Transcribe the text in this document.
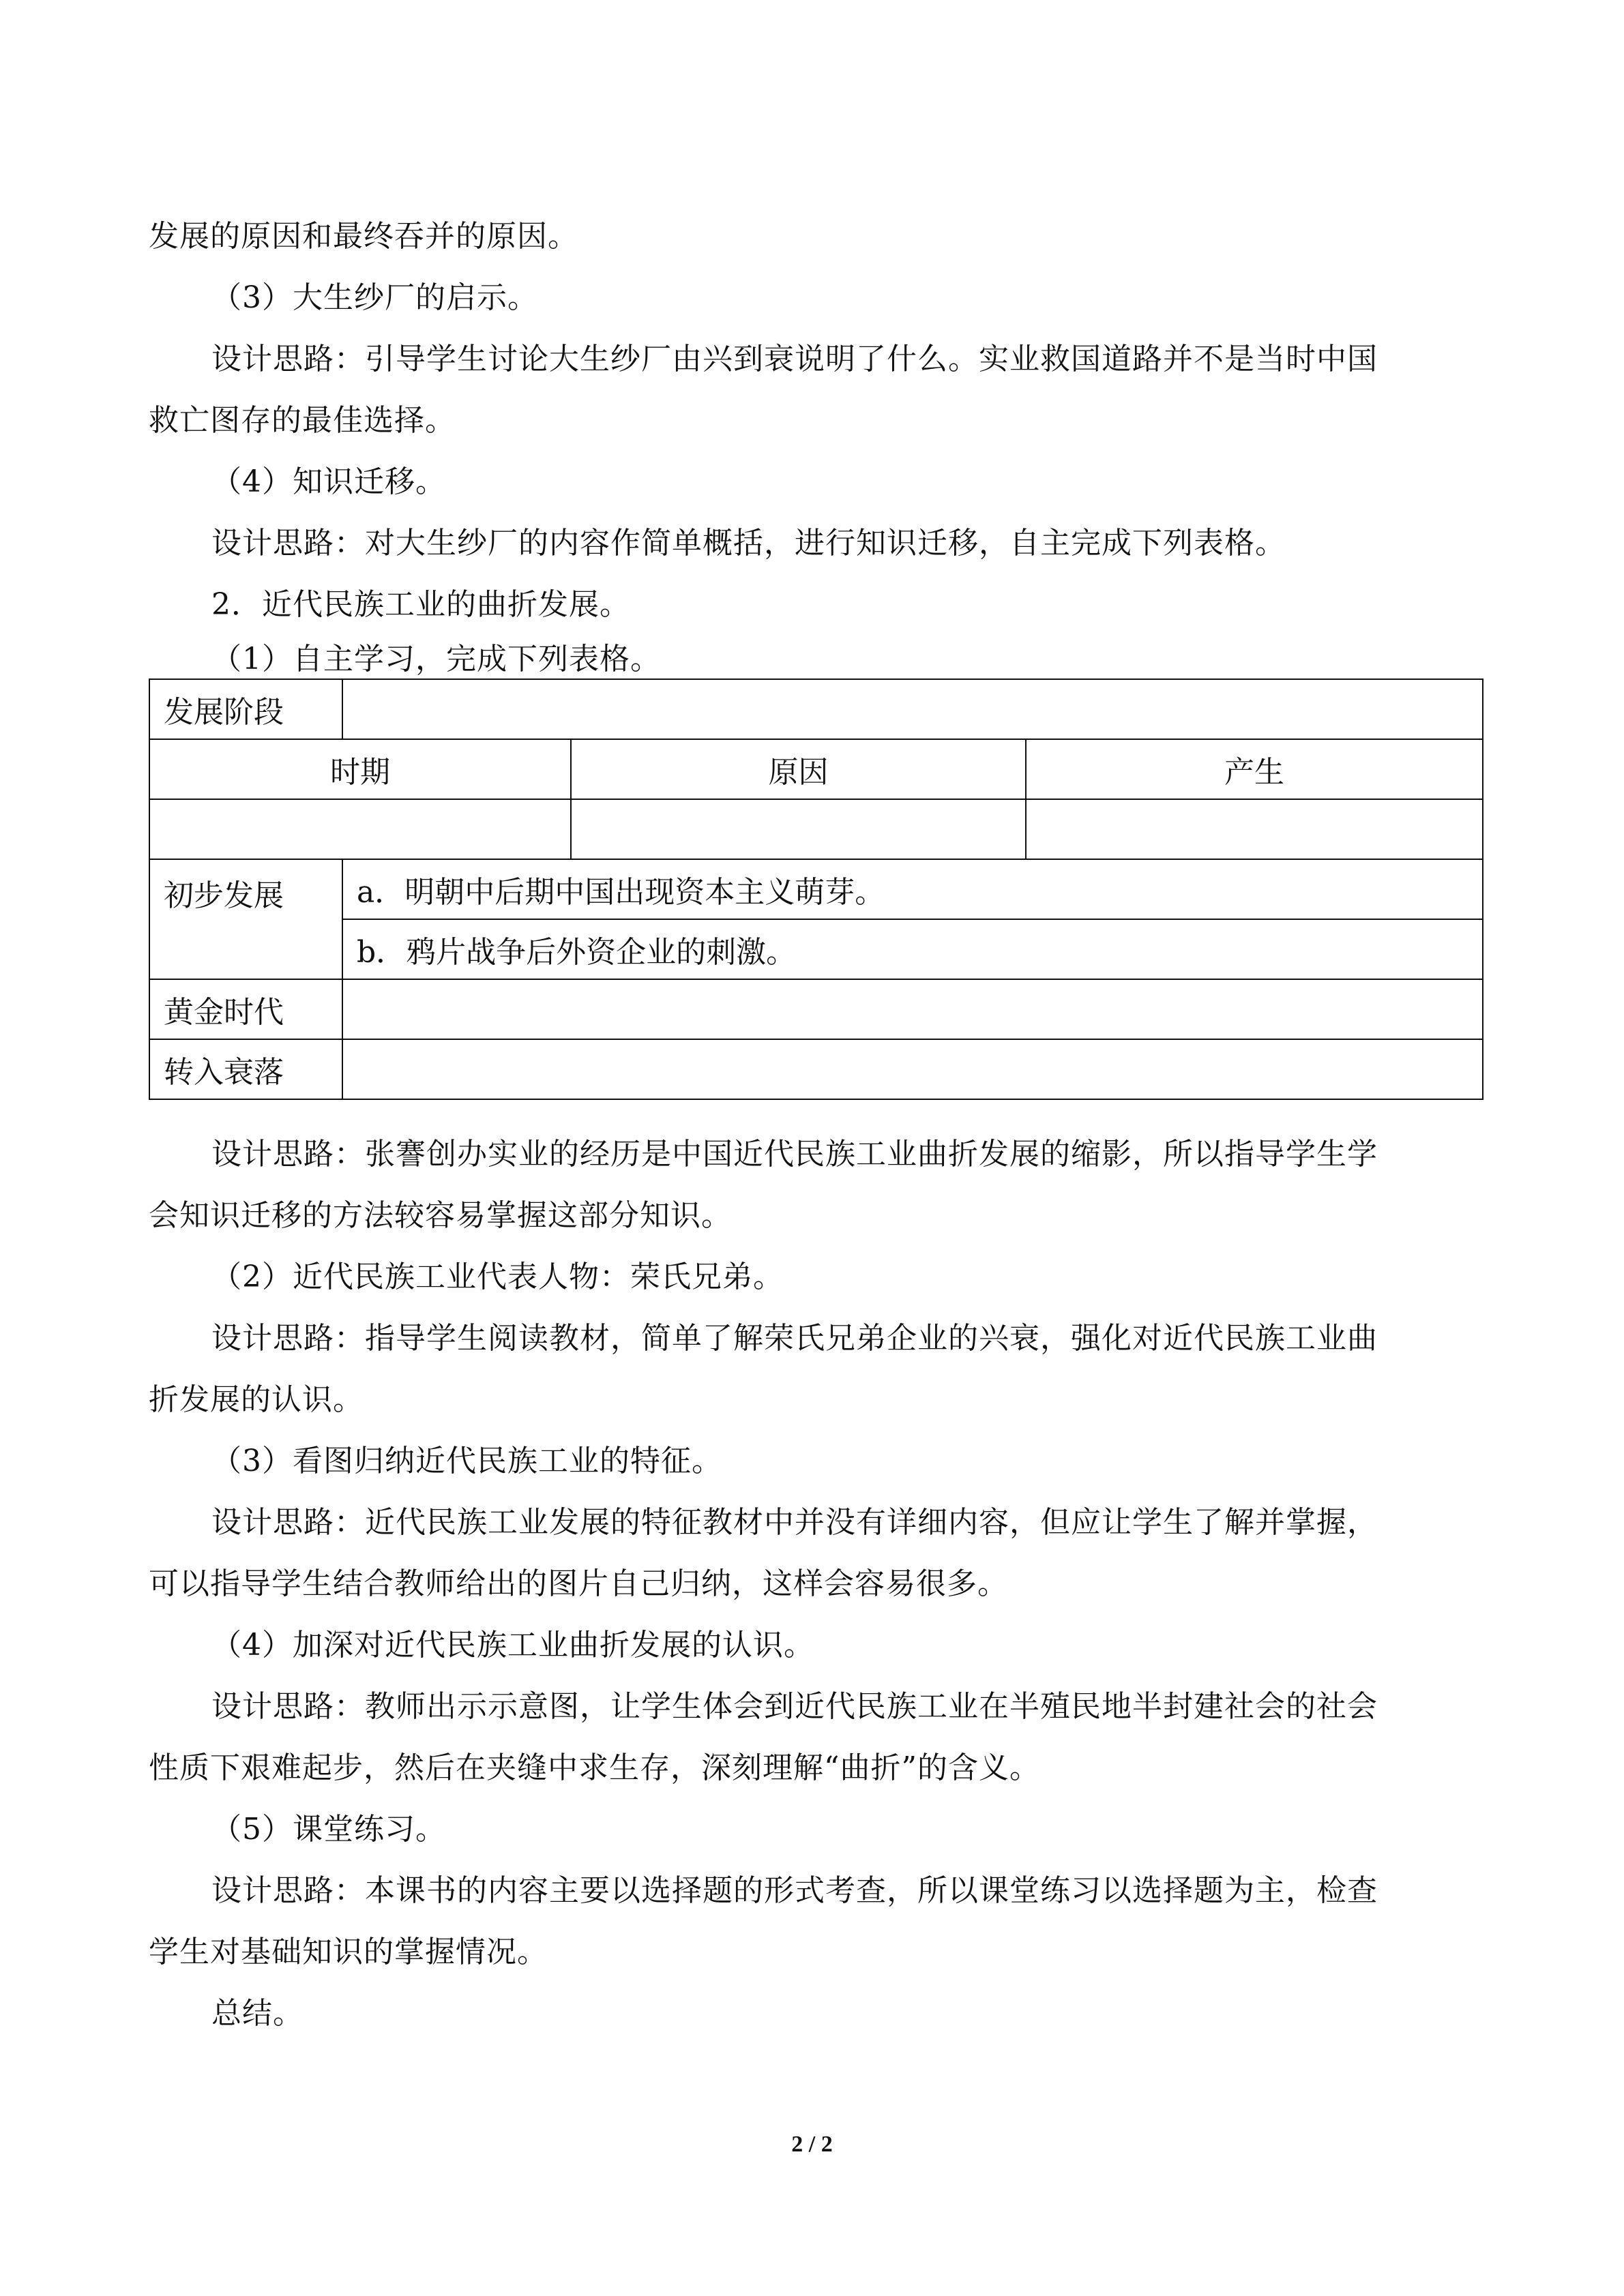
发展的原因和最终吞并的原因。
（3）大生纱厂的启示。
设计思路：引导学生讨论大生纱厂由兴到衰说明了什么。实业救国道路并不是当时中国
救亡图存的最佳选择。
（4）知识迁移。
设计思路：对大生纱厂的内容作简单概括，进行知识迁移，自主完成下列表格。
2．近代民族工业的曲折发展。
（1）自主学习，完成下列表格。
发展阶段			
时期		原因	产生

初步发展	a．明朝中后期中国出现资本主义萌芽。		
	b．鸦片战争后外资企业的刺激。		
黄金时代			
转入衰落			
设计思路：张謇创办实业的经历是中国近代民族工业曲折发展的缩影，所以指导学生学
会知识迁移的方法较容易掌握这部分知识。
（2）近代民族工业代表人物：荣氏兄弟。
设计思路：指导学生阅读教材，简单了解荣氏兄弟企业的兴衰，强化对近代民族工业曲
折发展的认识。
（3）看图归纳近代民族工业的特征。
设计思路：近代民族工业发展的特征教材中并没有详细内容，但应让学生了解并掌握，
可以指导学生结合教师给出的图片自己归纳，这样会容易很多。
（4）加深对近代民族工业曲折发展的认识。
设计思路：教师出示示意图，让学生体会到近代民族工业在半殖民地半封建社会的社会
性质下艰难起步，然后在夹缝中求生存，深刻理解“曲折”的含义。
（5）课堂练习。
设计思路：本课书的内容主要以选择题的形式考查，所以课堂练习以选择题为主，检查
学生对基础知识的掌握情况。
总结。
2 / 2
